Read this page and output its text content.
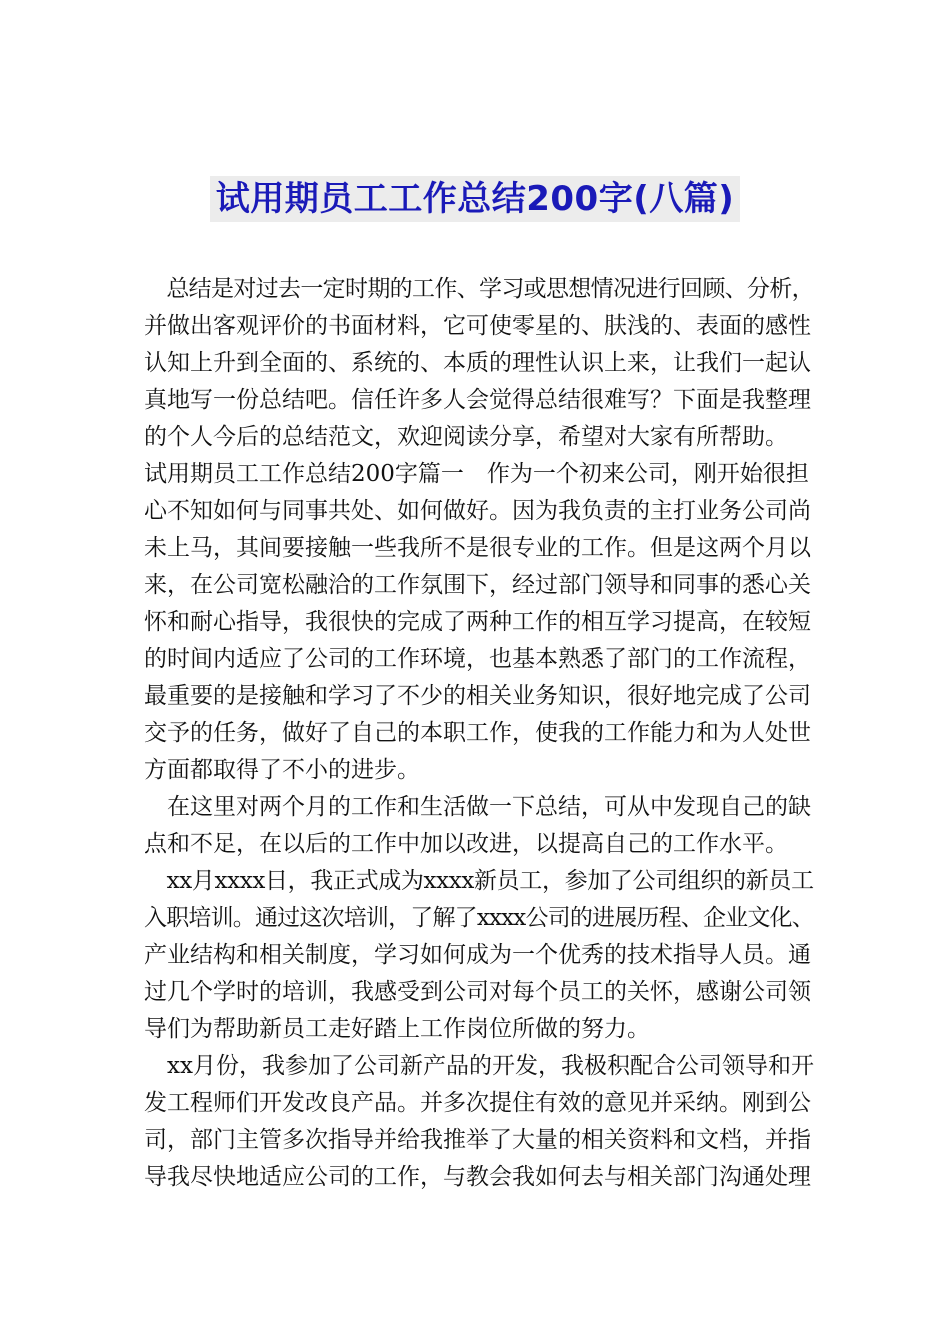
试用期员工工作总结200字(八篇)
　总结是对过去一定时期的工作、学习或思想情况进行回顾、分析，
并做出客观评价的书面材料，它可使零星的、肤浅的、表面的感性
认知上升到全面的、系统的、本质的理性认识上来，让我们一起认
真地写一份总结吧。信任许多人会觉得总结很难写？下面是我整理
的个人今后的总结范文，欢迎阅读分享，希望对大家有所帮助。
试用期员工工作总结200字篇一　作为一个初来公司，刚开始很担
心不知如何与同事共处、如何做好。因为我负责的主打业务公司尚
未上马，其间要接触一些我所不是很专业的工作。但是这两个月以
来，在公司宽松融洽的工作氛围下，经过部门领导和同事的悉心关
怀和耐心指导，我很快的完成了两种工作的相互学习提高，在较短
的时间内适应了公司的工作环境，也基本熟悉了部门的工作流程，
最重要的是接触和学习了不少的相关业务知识，很好地完成了公司
交予的任务，做好了自己的本职工作，使我的工作能力和为人处世
方面都取得了不小的进步。
　在这里对两个月的工作和生活做一下总结，可从中发现自己的缺
点和不足，在以后的工作中加以改进，以提高自己的工作水平。
　xx月xxxx日，我正式成为xxxx新员工，参加了公司组织的新员工
入职培训。通过这次培训，了解了xxxx公司的进展历程、企业文化、
产业结构和相关制度，学习如何成为一个优秀的技术指导人员。通
过几个学时的培训，我感受到公司对每个员工的关怀，感谢公司领
导们为帮助新员工走好踏上工作岗位所做的努力。
　xx月份，我参加了公司新产品的开发，我极积配合公司领导和开
发工程师们开发改良产品。并多次提住有效的意见并采纳。刚到公
司，部门主管多次指导并给我推举了大量的相关资料和文档，并指
导我尽快地适应公司的工作，与教会我如何去与相关部门沟通处理
